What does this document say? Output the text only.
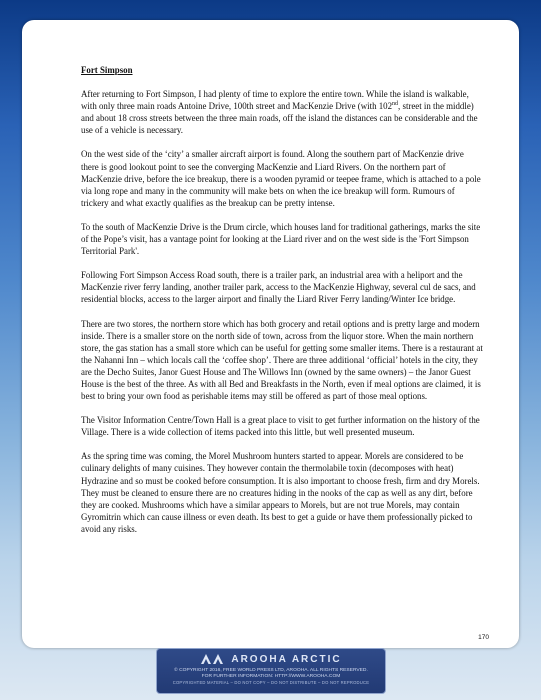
Fort Simpson

After returning to Fort Simpson, I had plenty of time to explore the entire town. While the island is walkable, with only three main roads Antoine Drive, 100th street and MacKenzie Drive (with 102nd, street in the middle) and about 18 cross streets between the three main roads, off the island the distances can be considerable and the use of a vehicle is necessary.

On the west side of the ‘city’ a smaller aircraft airport is found. Along the southern part of MacKenzie drive there is good lookout point to see the converging MacKenzie and Liard Rivers. On the northern part of MacKenzie drive, before the ice breakup, there is a wooden pyramid or teepee frame, which is attached to a pole via long rope and many in the community will make bets on when the ice breakup will form. Rumours of trickery and what exactly qualifies as the breakup can be pretty intense.

To the south of MacKenzie Drive is the Drum circle, which houses land for traditional gatherings, marks the site of the Pope’s visit, has a vantage point for looking at the Liard river and on the west side is the 'Fort Simpson Territorial Park'.

Following Fort Simpson Access Road south, there is a trailer park, an industrial area with a heliport and the MacKenzie river ferry landing, another trailer park, access to the MacKenzie Highway, several cul de sacs, and residential blocks, access to the larger airport and finally the Liard River Ferry landing/Winter Ice bridge.

There are two stores, the northern store which has both grocery and retail options and is pretty large and modern inside. There is a smaller store on the north side of town, across from the liquor store. When the main northern store, the gas station has a small store which can be useful for getting some smaller items. There is a restaurant at the Nahanni Inn – which locals call the ‘coffee shop’. There are three additional ‘official’ hotels in the city, they are the Decho Suites, Janor Guest House and The Willows Inn (owned by the same owners) – the Janor Guest House is the best of the three. As with all Bed and Breakfasts in the North, even if meal options are claimed, it is best to bring your own food as perishable items may still be offered as part of those meal options.

The Visitor Information Centre/Town Hall is a great place to visit to get further information on the history of the Village. There is a wide collection of items packed into this little, but well presented museum.

As the spring time was coming, the Morel Mushroom hunters started to appear. Morels are considered to be culinary delights of many cuisines. They however contain the thermolabile toxin (decomposes with heat) Hydrazine and so must be cooked before consumption. It is also important to choose fresh, firm and dry Morels. They must be cleaned to ensure there are no creatures hiding in the nooks of the cap as well as any dirt, before they are cooked. Mushrooms which have a similar appears to Morels, but are not true Morels, may contain Gyromitrin which can cause illness or even death. Its best to get a guide or have them professionally picked to avoid any risks.

170
AROOHA ARCTIC
© COPYRIGHT 2016, FREE WORLD PRESS LTD, AROOHA. ALL RIGHTS RESERVED.
FOR FURTHER INFORMATION: HTTP://WWW.AROOHA.COM
COPYRIGHTED MATERIAL – DO NOT COPY – DO NOT DISTRIBUTE – DO NOT REPRODUCE
